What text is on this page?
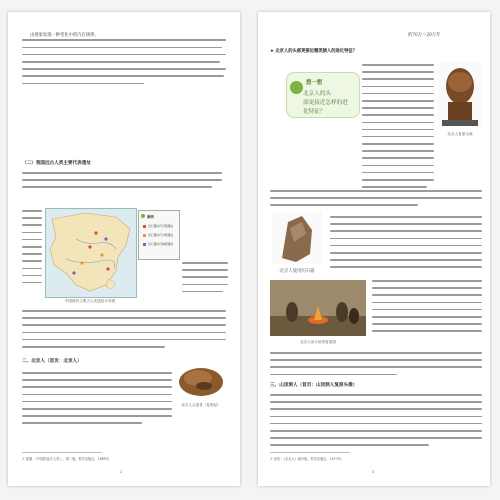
由现象发现一种变化中的内在规律。

（二）我国远古人类主要代表遗址
图例
旧石器时代早期遗址
旧石器时代中期遗址
旧石器时代晚期遗址
中国境内主要古人类遗址分布图
二、北京人（首页：北京人）
北京人头盖骨（复制品）
① 夏鼐：《中国的远古人类》。第二版，科学出版社，1985年。
2
约70万～20万年
★ 北京人的头部更接近哪类猿人的进化特征？
想一想
北京人的头
部更接近怎样的进
化特征？
北京人复原头像
北京人使用的石器
北京人用火场景复原图
三、山顶洞人（首页：山顶洞人复原头像）
① 参见：《北京人》编写组。科学出版社，1977年。
3
